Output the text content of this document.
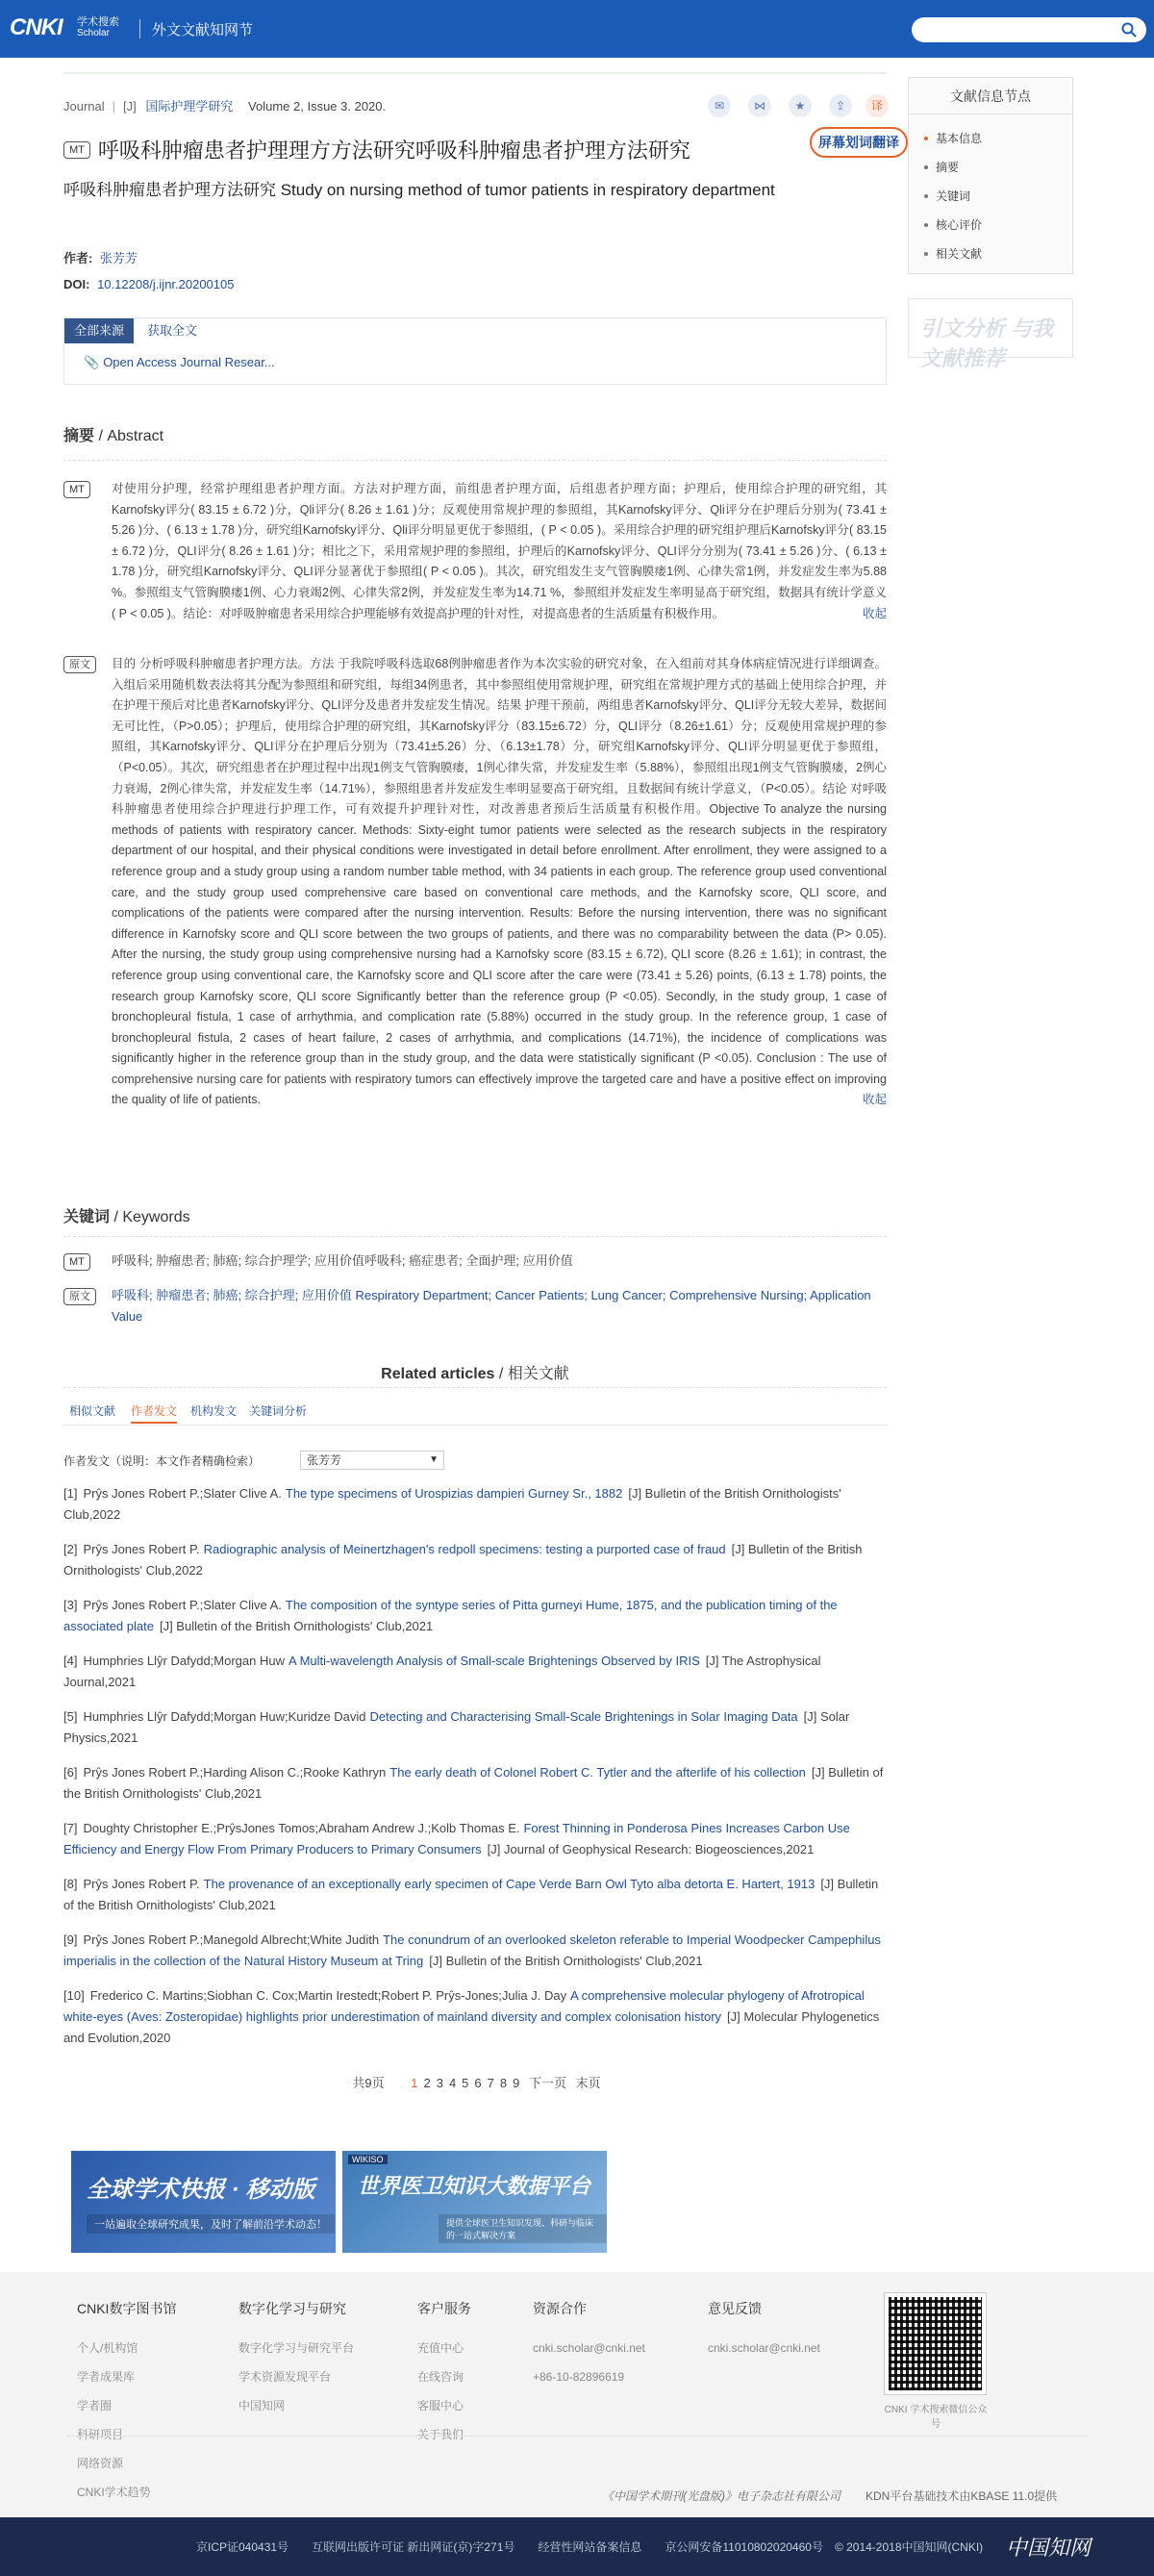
CNKI 学术搜索
Scholar	外文文献知网节
Journal | [J] 国际护理学研究 Volume 2, Issue 3. 2020.	✉	⋈	★	⇪	译
屏幕划词翻译
MT 呼吸科肿瘤患者护理理方方法研究呼吸科肿瘤患者护理方法研究
呼吸科肿瘤患者护理方法研究 Study on nursing method of tumor patients in respiratory department
作者: 张芳芳
DOI: 10.12208/j.ijnr.20200105
全部来源	获取全文
📎 Open Access Journal Resear...
摘要 / Abstract
MT	对使用分护理，经常护理组患者护理方面。方法对护理方面，前组患者护理方面，后组患者护理方面；护理后，使用综合护理的研究组，其Karnofsky评分( 83.15 ± 6.72 )分，Qli评分( 8.26 ± 1.61 )分；反观使用常规护理的参照组，其Karnofsky评分、Qli评分在护理后分别为( 73.41 ± 5.26 )分、( 6.13 ± 1.78 )分，研究组Karnofsky评分、Qli评分明显更优于参照组，( P < 0.05 )。采用综合护理的研究组护理后Karnofsky评分( 83.15 ± 6.72 )分，QLI评分( 8.26 ± 1.61 )分；相比之下，采用常规护理的参照组，护理后的Karnofsky评分、QLI评分分别为( 73.41 ± 5.26 )分、( 6.13 ± 1.78 )分，研究组Karnofsky评分、QLI评分显著优于参照组( P < 0.05 )。其次，研究组发生支气管胸膜瘘1例、心律失常1例，并发症发生率为5.88 %。参照组支气管胸膜瘘1例、心力衰竭2例、心律失常2例，并发症发生率为14.71 %，参照组并发症发生率明显高于研究组，数据具有统计学意义( P < 0.05 )。结论：对呼吸肿瘤患者采用综合护理能够有效提高护理的针对性，对提高患者的生活质量有积极作用。	收起
原文	目的 分析呼吸科肿瘤患者护理方法。方法 于我院呼吸科选取68例肿瘤患者作为本次实验的研究对象，在入组前对其身体病症情况进行详细调查。入组后采用随机数表法将其分配为参照组和研究组，每组34例患者，其中参照组使用常规护理，研究组在常规护理方式的基础上使用综合护理，并在护理干预后对比患者Karnofsky评分、QLI评分及患者并发症发生情况。结果 护理干预前，两组患者Karnofsky评分、QLI评分无较大差异，数据间无可比性，（P>0.05）；护理后，使用综合护理的研究组，其Karnofsky评分（83.15±6.72）分，QLI评分（8.26±1.61）分；反观使用常规护理的参照组，其Karnofsky评分、QLI评分在护理后分别为（73.41±5.26）分、（6.13±1.78）分，研究组Karnofsky评分、QLI评分明显更优于参照组，（P<0.05）。其次，研究组患者在护理过程中出现1例支气管胸膜瘘，1例心律失常，并发症发生率（5.88%），参照组出现1例支气管胸膜瘘，2例心力衰竭，2例心律失常，并发症发生率（14.71%），参照组患者并发症发生率明显要高于研究组，且数据间有统计学意义，（P<0.05）。结论 对呼吸科肿瘤患者使用综合护理进行护理工作，可有效提升护理针对性，对改善患者预后生活质量有积极作用。Objective To analyze the nursing methods of patients with respiratory cancer. Methods: Sixty-eight tumor patients were selected as the research subjects in the respiratory department of our hospital, and their physical conditions were investigated in detail before enrollment. After enrollment, they were assigned to a reference group and a study group using a random number table method, with 34 patients in each group. The reference group used conventional care, and the study group used comprehensive care based on conventional care methods, and the Karnofsky score, QLI score, and complications of the patients were compared after the nursing intervention. Results: Before the nursing intervention, there was no significant difference in Karnofsky score and QLI score between the two groups of patients, and there was no comparability between the data (P> 0.05). After the nursing, the study group using comprehensive nursing had a Karnofsky score (83.15 ± 6.72), QLI score (8.26 ± 1.61); in contrast, the reference group using conventional care, the Karnofsky score and QLI score after the care were (73.41 ± 5.26) points, (6.13 ± 1.78) points, the research group Karnofsky score, QLI score Significantly better than the reference group (P <0.05). Secondly, in the study group, 1 case of bronchopleural fistula, 1 case of arrhythmia, and complication rate (5.88%) occurred in the study group. In the reference group, 1 case of bronchopleural fistula, 2 cases of heart failure, 2 cases of arrhythmia, and complications (14.71%), the incidence of complications was significantly higher in the reference group than in the study group, and the data were statistically significant (P <0.05). Conclusion : The use of comprehensive nursing care for patients with respiratory tumors can effectively improve the targeted care and have a positive effect on improving the quality of life of patients.	收起
关键词 / Keywords
MT	呼吸科; 肿瘤患者; 肺癌; 综合护理学; 应用价值呼吸科; 癌症患者; 全面护理; 应用价值
原文	呼吸科; 肿瘤患者; 肺癌; 综合护理; 应用价值 Respiratory Department; Cancer Patients; Lung Cancer; Comprehensive Nursing; Application Value
Related articles / 相关文献
相似文献 作者发文 机构发文 关键词分析
作者发文（说明：本文作者精确检索）	张芳芳	▼
[1] Prŷs Jones Robert P.;Slater Clive A. The type specimens of Urospizias dampieri Gurney Sr., 1882 [J] Bulletin of the British Ornithologists' Club,2022
[2] Prŷs Jones Robert P. Radiographic analysis of Meinertzhagen's redpoll specimens: testing a purported case of fraud [J] Bulletin of the British Ornithologists' Club,2022
[3] Prŷs Jones Robert P.;Slater Clive A. The composition of the syntype series of Pitta gurneyi Hume, 1875, and the publication timing of the associated plate [J] Bulletin of the British Ornithologists' Club,2021
[4] Humphries Llŷr Dafydd;Morgan Huw A Multi-wavelength Analysis of Small-scale Brightenings Observed by IRIS [J] The Astrophysical Journal,2021
[5] Humphries Llŷr Dafydd;Morgan Huw;Kuridze David Detecting and Characterising Small-Scale Brightenings in Solar Imaging Data [J] Solar Physics,2021
[6] Prŷs Jones Robert P.;Harding Alison C.;Rooke Kathryn The early death of Colonel Robert C. Tytler and the afterlife of his collection [J] Bulletin of the British Ornithologists' Club,2021
[7] Doughty Christopher E.;PrŷsJones Tomos;Abraham Andrew J.;Kolb Thomas E. Forest Thinning in Ponderosa Pines Increases Carbon Use Efficiency and Energy Flow From Primary Producers to Primary Consumers [J] Journal of Geophysical Research: Biogeosciences,2021
[8] Prŷs Jones Robert P. The provenance of an exceptionally early specimen of Cape Verde Barn Owl Tyto alba detorta E. Hartert, 1913 [J] Bulletin of the British Ornithologists' Club,2021
[9] Prŷs Jones Robert P.;Manegold Albrecht;White Judith The conundrum of an overlooked skeleton referable to Imperial Woodpecker Campephilus imperialis in the collection of the Natural History Museum at Tring [J] Bulletin of the British Ornithologists' Club,2021
[10] Frederico C. Martins;Siobhan C. Cox;Martin Irestedt;Robert P. Prŷs-Jones;Julia J. Day A comprehensive molecular phylogeny of Afrotropical white-eyes (Aves: Zosteropidae) highlights prior underestimation of mainland diversity and complex colonisation history [J] Molecular Phylogenetics and Evolution,2020
共9页 1 2 3 4 5 6 7 8 9 下一页 末页
全球学术快报 · 移动版
一站遍取全球研究成果，及时了解前沿学术动态！
WIKISO
世界医卫知识大数据平台
提供全球医卫生知识发现、科研与临床的一站式解决方案
文献信息节点
基本信息
摘要
关键词
核心评价
相关文献
引文分析 与我文献推荐
CNKI数字图书馆
个人/机构馆
学者成果库
学者圈
科研项目
网络资源
CNKI学术趋势
数字化学习与研究
数字化学习与研究平台
学术资源发现平台
中国知网
客户服务
充值中心
在线咨询
客服中心
关于我们
资源合作
cnki.scholar@cnki.net
+86-10-82896619
意见反馈
cnki.scholar@cnki.net
CNKI 学术搜索微信公众号
《中国学术期刊(光盘版)》电子杂志社有限公司 KDN平台基础技术由KBASE 11.0提供
京ICP证040431号　　互联网出版许可证 新出网证(京)字271号　　经营性网站备案信息　　京公网安备11010802020460号　© 2014-2018中国知网(CNKI) 中国知网
